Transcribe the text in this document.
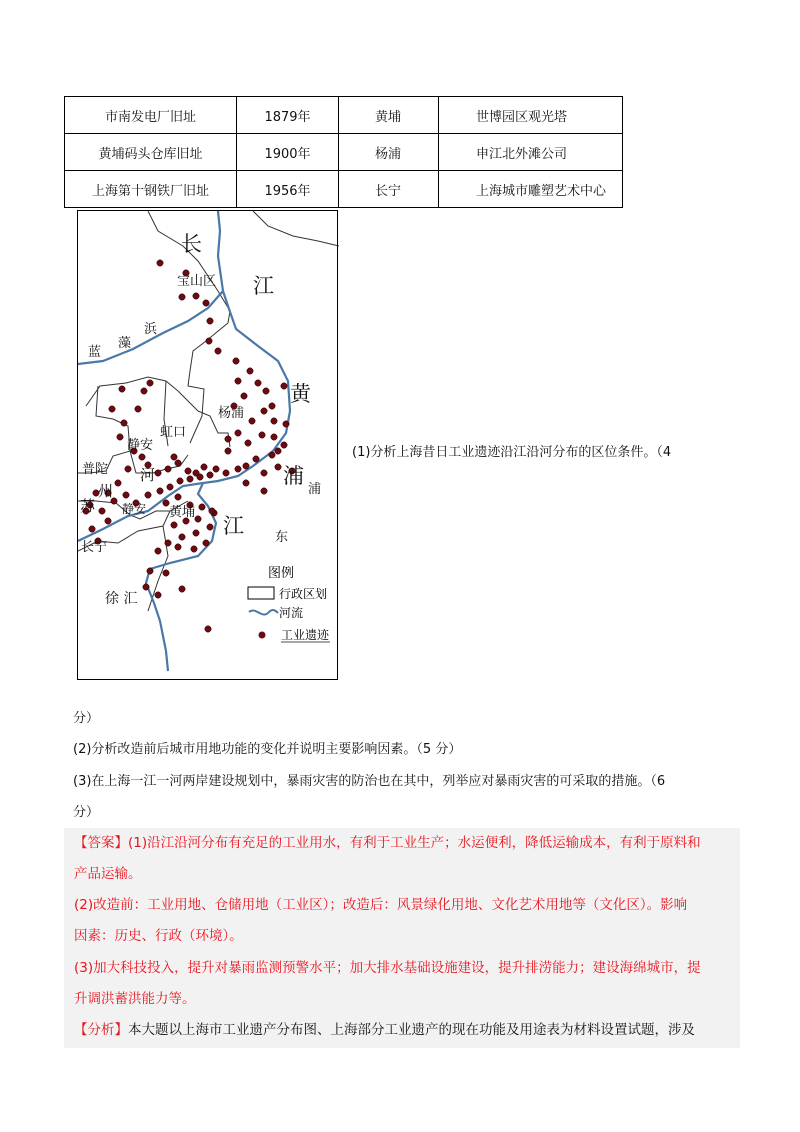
市南发电厂旧址	1879年	黄埔	世博园区观光塔
黄埔码头仓库旧址	1900年	杨浦	申江北外滩公司
上海第十钢铁厂旧址	1956年	长宁	上海城市雕塑艺术中心
长
江
宝山区
蓝
藻
浜
黄
浦
江
杨浦
虹口
静安
普陀
苏
州
河
静安 黄埔
长宁
徐 汇
浦
东
图例
行政区划
河流
工业遗迹
(1)分析上海昔日工业遗迹沿江沿河分布的区位条件。（4
分）
(2)分析改造前后城市用地功能的变化并说明主要影响因素。（5 分）
(3)在上海一江一河两岸建设规划中，暴雨灾害的防治也在其中，列举应对暴雨灾害的可采取的措施。（6
分）
【答案】(1)沿江沿河分布有充足的工业用水，有利于工业生产；水运便利，降低运输成本，有利于原料和
产品运输。
(2)改造前：工业用地、仓储用地（工业区）；改造后：风景绿化用地、文化艺术用地等（文化区）。影响
因素：历史、行政（环境）。
(3)加大科技投入，提升对暴雨监测预警水平；加大排水基础设施建设，提升排涝能力；建设海绵城市，提
升调洪蓄洪能力等。
【分析】本大题以上海市工业遗产分布图、上海部分工业遗产的现在功能及用途表为材料设置试题，涉及
